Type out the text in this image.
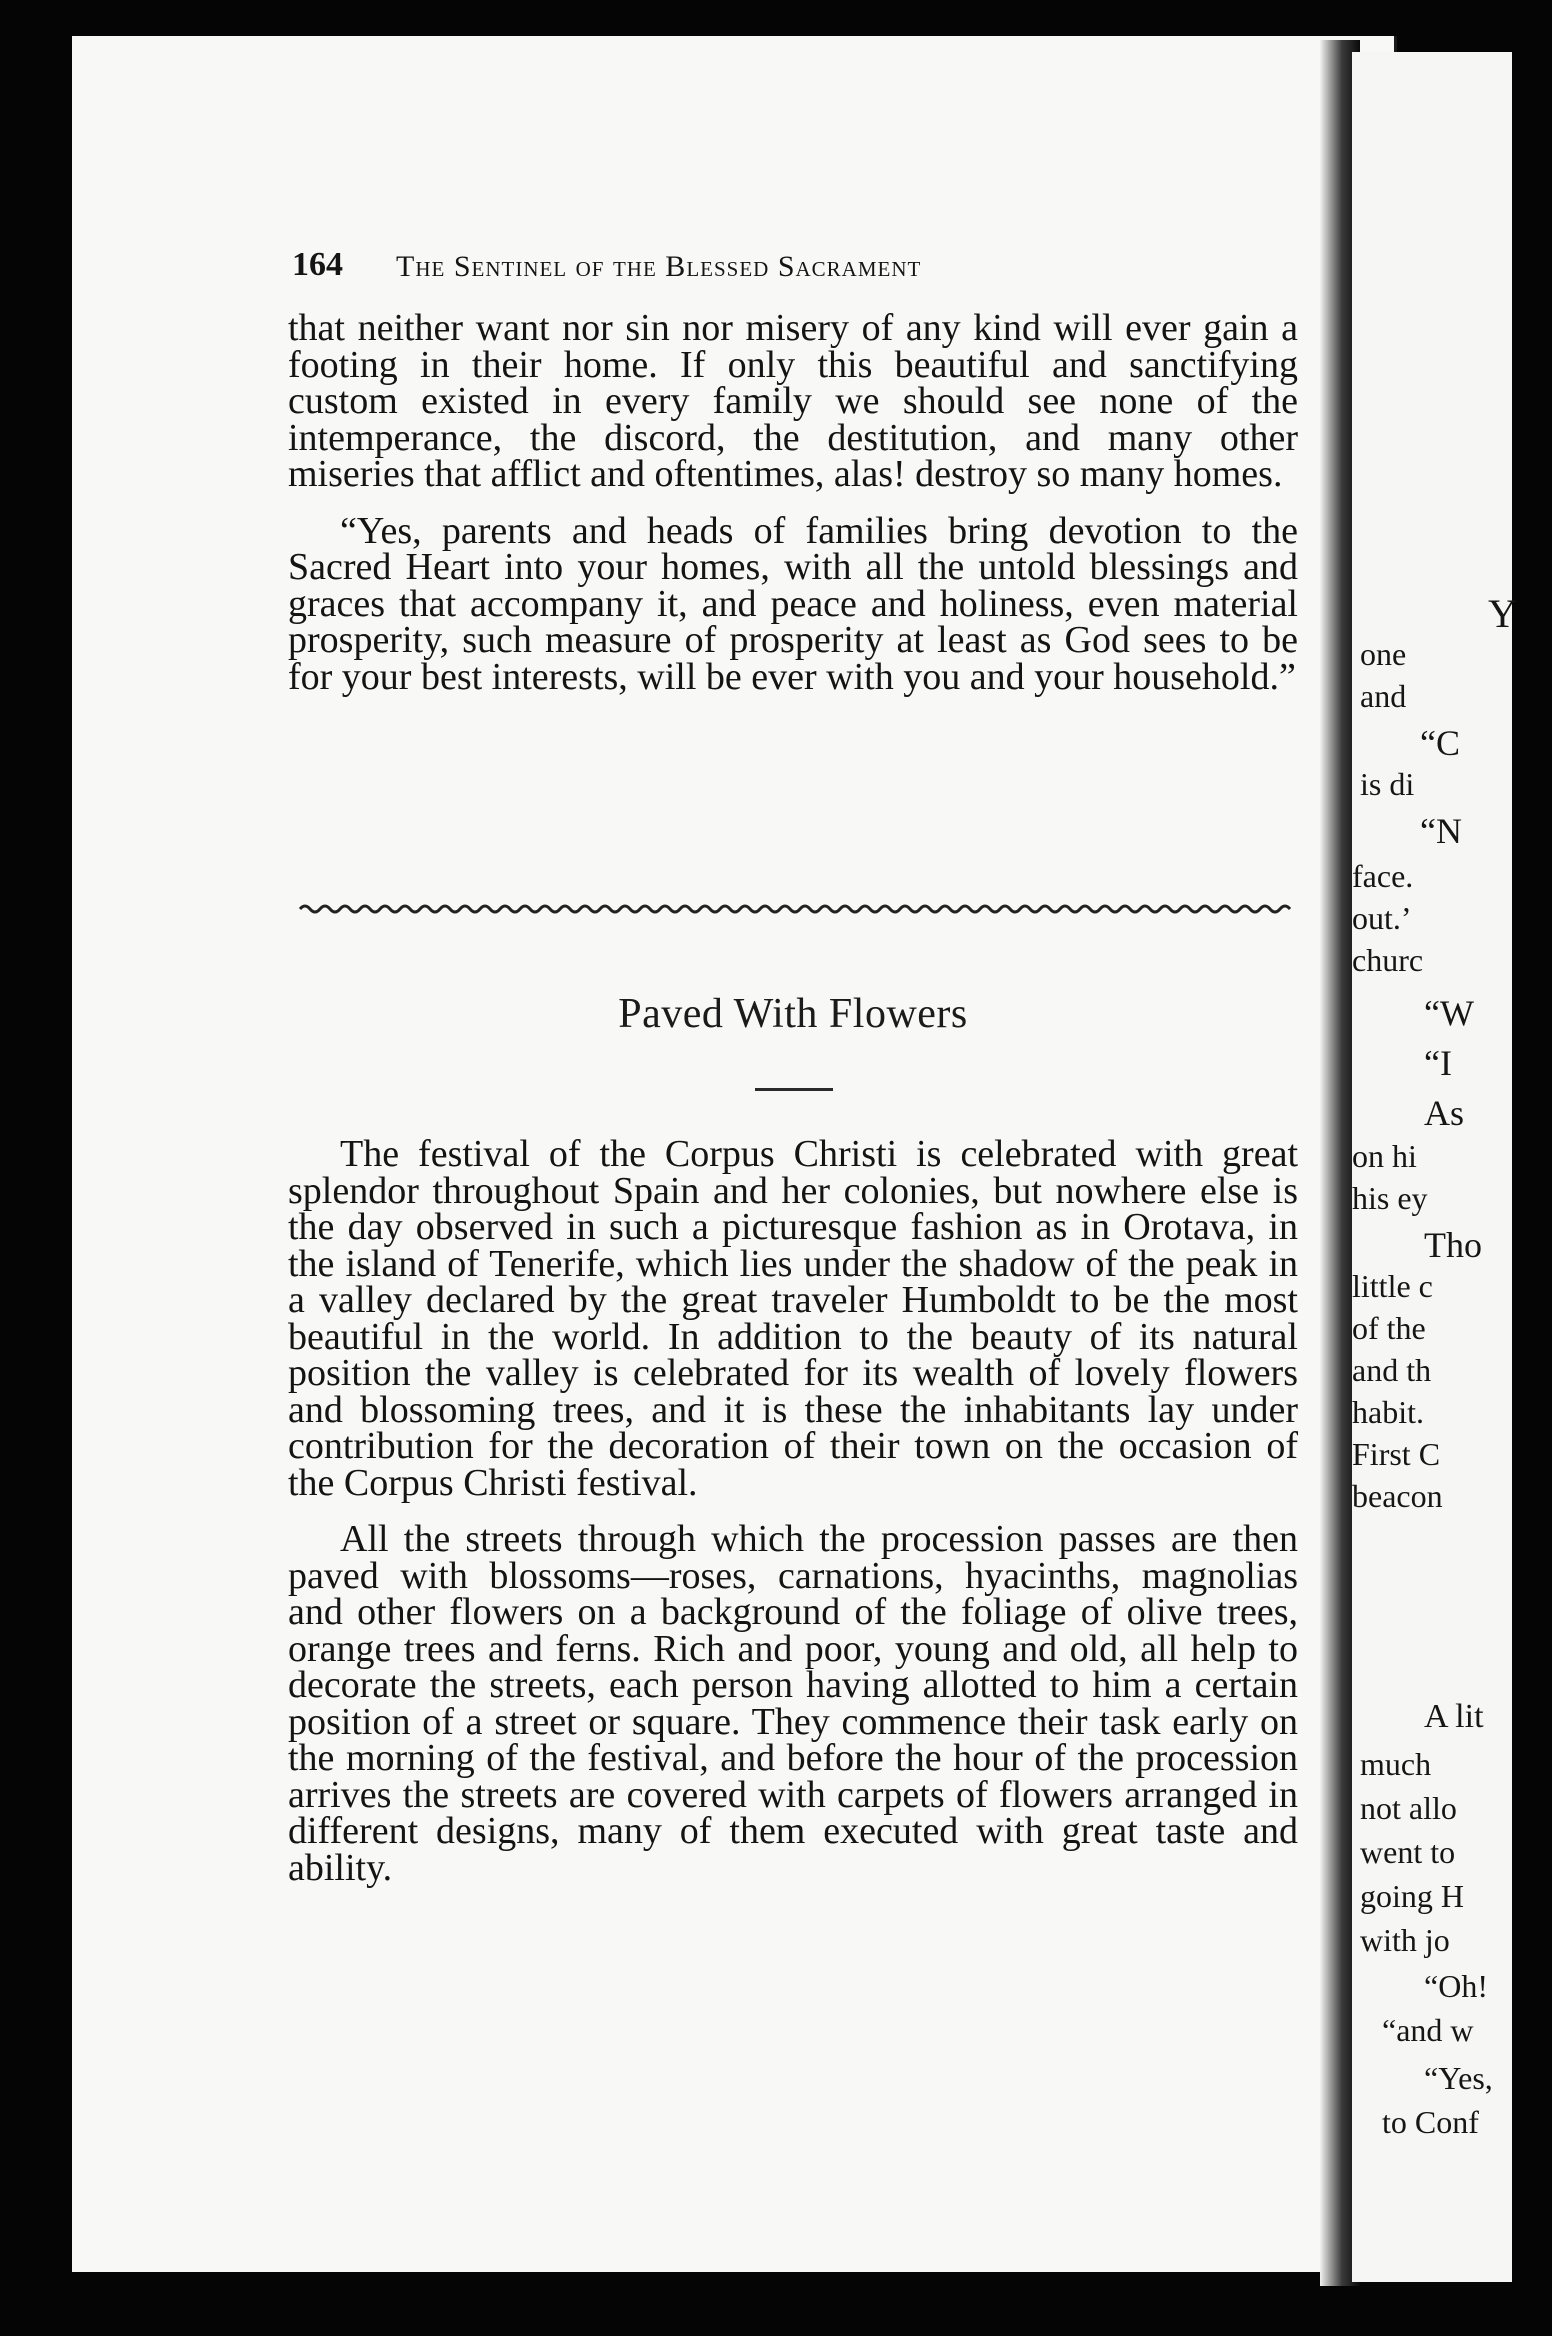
Y
one
and
“C
is di
“N
face.
out.’
churc
“W
“I
As
on hi
his ey
Tho
little c
of the
and th
habit.
First C
beacon
A lit
much
not allo
went to
going H
with jo
“Oh!
“and w
“Yes,
to Conf
164 The Sentinel of the Blessed Sacrament

that neither want nor sin nor misery of any kind will ever gain a footing in their home. If only this beautiful and sanctifying custom existed in every family we should see none of the intemperance, the discord, the destitution, and many other miseries that afflict and oftentimes, alas! destroy so many homes.

“Yes, parents and heads of families bring devotion to the Sacred Heart into your homes, with all the untold blessings and graces that accompany it, and peace and holiness, even material prosperity, such measure of prosperity at least as God sees to be for your best interests, will be ever with you and your household.”

Paved With Flowers

The festival of the Corpus Christi is celebrated with great splendor throughout Spain and her colonies, but nowhere else is the day observed in such a picturesque fashion as in Orotava, in the island of Tenerife, which lies under the shadow of the peak in a valley declared by the great traveler Humboldt to be the most beautiful in the world. In addition to the beauty of its natural position the valley is celebrated for its wealth of lovely flowers and blossoming trees, and it is these the inhabitants lay under contribution for the decoration of their town on the occasion of the Corpus Christi festival.

All the streets through which the procession passes are then paved with blossoms—roses, carnations, hyacinths, magnolias and other flowers on a background of the foliage of olive trees, orange trees and ferns. Rich and poor, young and old, all help to decorate the streets, each person having allotted to him a certain position of a street or square. They commence their task early on the morning of the festival, and before the hour of the procession arrives the streets are covered with carpets of flowers arranged in different designs, many of them executed with great taste and ability.
